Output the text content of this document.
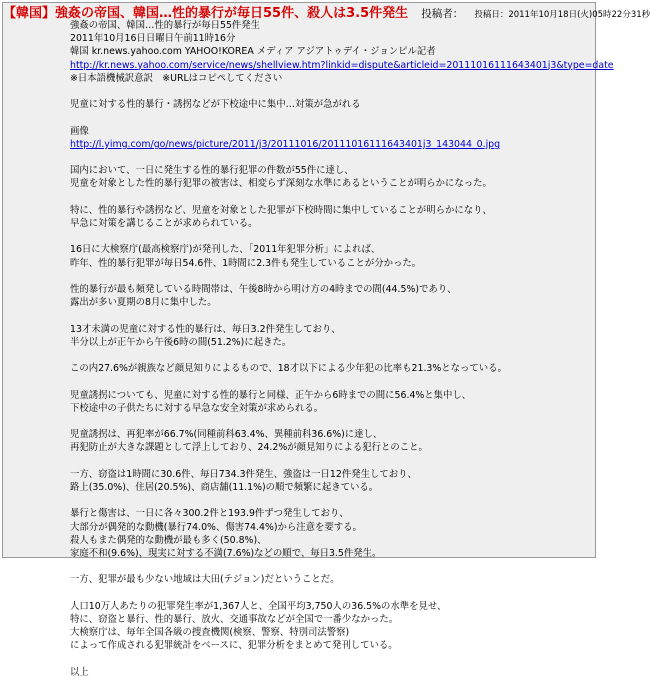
【韓国】強姦の帝国、韓国…性的暴行が毎日55件、殺人は3.5件発生 投稿者： 投稿日：2011年10月18日(火)05時22分31秒
強姦の帝国、韓国…性的暴行が毎日55件発生
2011年10月16日日曜日午前11時16分
韓国 kr.news.yahoo.com YAHOO!KOREA メディア アジアトゥデイ・ジョンピル記者
http://kr.news.yahoo.com/service/news/shellview.htm?linkid=dispute&articleid=20111016111643401j3&type=date
※日本語機械訳意訳　※URLはコピペしてください
児童に対する性的暴行・誘拐などが下校途中に集中…対策が急がれる
画像
http://l.yimg.com/go/news/picture/2011/j3/20111016/20111016111643401j3_143044_0.jpg
国内において、一日に発生する性的暴行犯罪の件数が55件に達し、
児童を対象とした性的暴行犯罪の被害は、相変らず深刻な水準にあるということが明らかになった。
特に、性的暴行や誘拐など、児童を対象とした犯罪が下校時間に集中していることが明らかになり、
早急に対策を講じることが求められている。
16日に大検察庁(最高検察庁)が発刊した、「2011年犯罪分析」によれば、
昨年、性的暴行犯罪が毎日54.6件、1時間に2.3件も発生していることが分かった。
性的暴行が最も頻発している時間帯は、午後8時から明け方の4時までの間(44.5%)であり、
露出が多い夏期の8月に集中した。
13才未満の児童に対する性的暴行は、毎日3.2件発生しており、
半分以上が正午から午後6時の間(51.2%)に起きた。
この内27.6%が親族など顔見知りによるもので、18才以下による少年犯の比率も21.3%となっている。
児童誘拐についても、児童に対する性的暴行と同様、正午から6時までの間に56.4%と集中し、
下校途中の子供たちに対する早急な安全対策が求められる。
児童誘拐は、再犯率が66.7%(同種前科63.4%、異種前科36.6%)に達し、
再犯防止が大きな課題として浮上しており、24.2%が顔見知りによる犯行とのこと。
一方、窃盗は1時間に30.6件、毎日734.3件発生、強盗は一日12件発生しており、
路上(35.0%)、住居(20.5%)、商店舗(11.1%)の順で頻繁に起きている。
暴行と傷害は、一日に各々300.2件と193.9件ずつ発生しており、
大部分が偶発的な動機(暴行74.0%、傷害74.4%)から注意を要する。
殺人もまた偶発的な動機が最も多く(50.8%)、
家庭不和(9.6%)、現実に対する不満(7.6%)などの順で、毎日3.5件発生。
一方、犯罪が最も少ない地域は大田(テジョン)だということだ。
人口10万人あたりの犯罪発生率が1,367人と、全国平均3,750人の36.5%の水準を見せ、
特に、窃盗と暴行、性的暴行、放火、交通事故などが全国で一番少なかった。
大検察庁は、毎年全国各級の捜査機関(検察、警察、特別司法警察)
によって作成される犯罪統計をベースに、犯罪分析をまとめて発刊している。
以上
